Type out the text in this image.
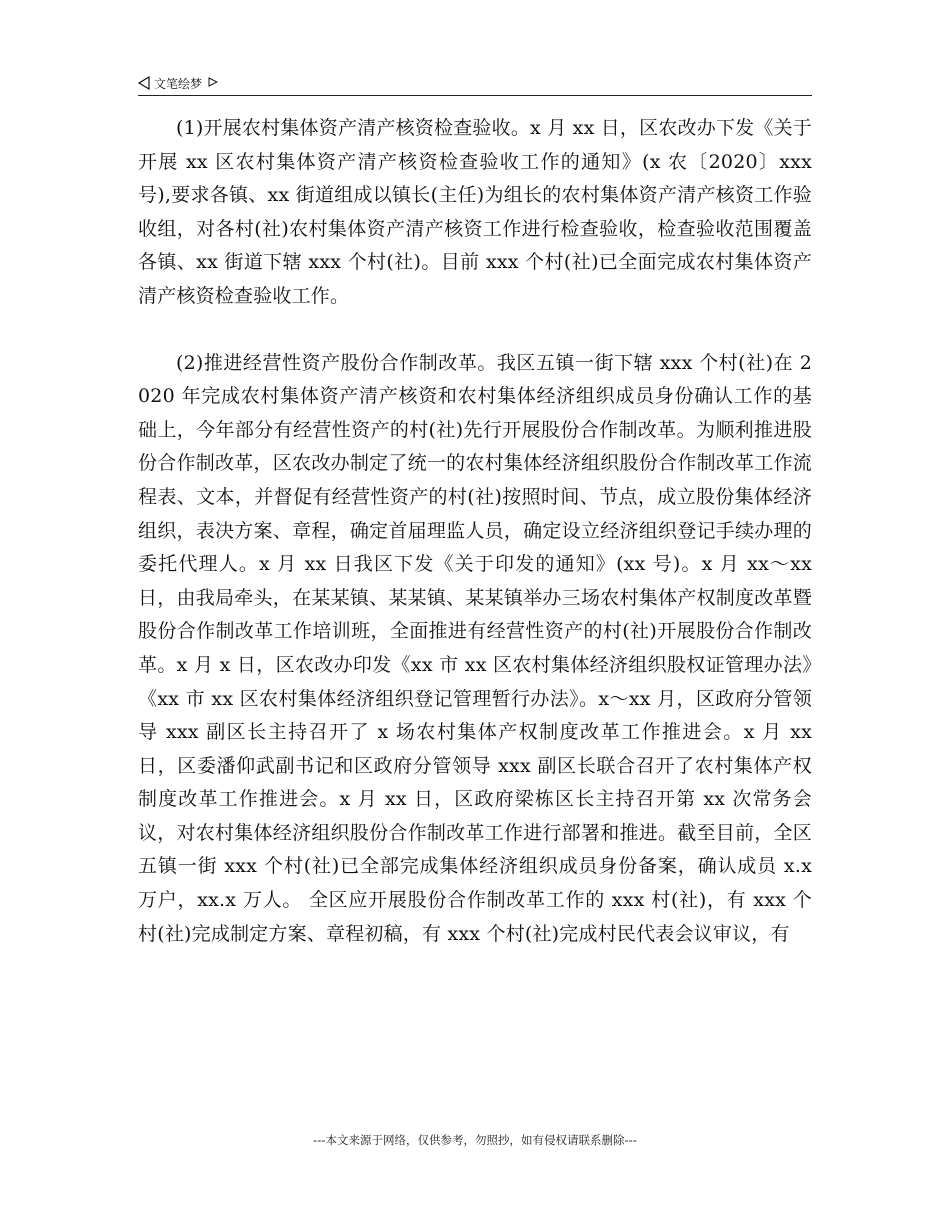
文笔绘梦

(1)开展农村集体资产清产核资检查验收。x 月 xx 日，区农改办下发《关于开展 xx 区农村集体资产清产核资检查验收工作的通知》(x 农〔2020〕xxx 号),要求各镇、xx 街道组成以镇长(主任)为组长的农村集体资产清产核资工作验收组，对各村(社)农村集体资产清产核资工作进行检查验收，检查验收范围覆盖各镇、xx 街道下辖 xxx 个村(社)。目前 xxx 个村(社)已全面完成农村集体资产清产核资检查验收工作。

(2)推进经营性资产股份合作制改革。我区五镇一街下辖 xxx 个村(社)在 2020 年完成农村集体资产清产核资和农村集体经济组织成员身份确认工作的基础上，今年部分有经营性资产的村(社)先行开展股份合作制改革。为顺利推进股份合作制改革，区农改办制定了统一的农村集体经济组织股份合作制改革工作流程表、文本，并督促有经营性资产的村(社)按照时间、节点，成立股份集体经济组织，表决方案、章程，确定首届理监人员，确定设立经济组织登记手续办理的委托代理人。x 月 xx 日我区下发《关于印发的通知》(xx 号)。x 月 xx～xx 日，由我局牵头，在某某镇、某某镇、某某镇举办三场农村集体产权制度改革暨股份合作制改革工作培训班，全面推进有经营性资产的村(社)开展股份合作制改革。x 月 x 日，区农改办印发《xx 市 xx 区农村集体经济组织股权证管理办法》《xx 市 xx 区农村集体经济组织登记管理暂行办法》。x～xx 月，区政府分管领导 xxx 副区长主持召开了 x 场农村集体产权制度改革工作推进会。x 月 xx 日，区委潘仰武副书记和区政府分管领导 xxx 副区长联合召开了农村集体产权制度改革工作推进会。x 月 xx 日，区政府梁栋区长主持召开第 xx 次常务会议，对农村集体经济组织股份合作制改革工作进行部署和推进。截至目前，全区五镇一街 xxx 个村(社)已全部完成集体经济组织成员身份备案，确认成员 x.x 万户，xx.x 万人。 全区应开展股份合作制改革工作的 xxx 村(社)，有 xxx 个村(社)完成制定方案、章程初稿，有 xxx 个村(社)完成村民代表会议审议，有

---本文来源于网络，仅供参考，勿照抄，如有侵权请联系删除---
